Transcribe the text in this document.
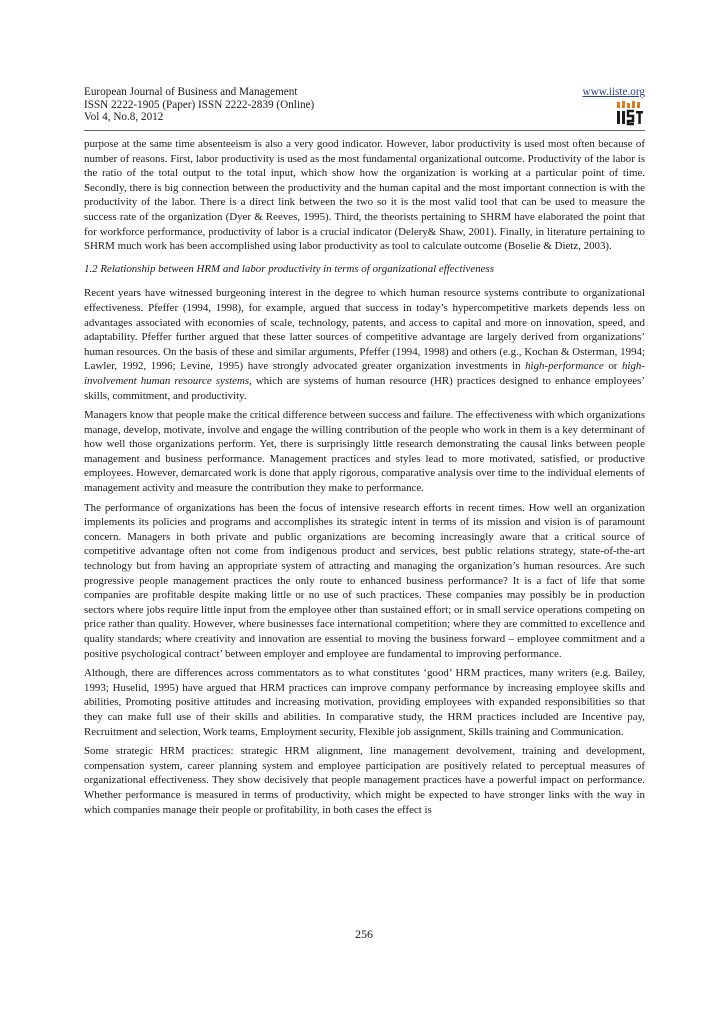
European Journal of Business and Management
ISSN 2222-1905 (Paper) ISSN 2222-2839 (Online)
Vol 4, No.8, 2012
www.iiste.org

purpose at the same time absenteeism is also a very good indicator. However, labor productivity is used most often because of number of reasons. First, labor productivity is used as the most fundamental organizational outcome. Productivity of the labor is the ratio of the total output to the total input, which show how the organization is working at a particular point of time. Secondly, there is big connection between the productivity and the human capital and the most important connection is with the productivity of the labor. There is a direct link between the two so it is the most valid tool that can be used to measure the success rate of the organization (Dyer & Reeves, 1995). Third, the theorists pertaining to SHRM have elaborated the point that for workforce performance, productivity of labor is a crucial indicator (Delery& Shaw, 2001). Finally, in literature pertaining to SHRM much work has been accomplished using labor productivity as tool to calculate outcome (Boselie & Dietz, 2003).

1.2 Relationship between HRM and labor productivity in terms of organizational effectiveness

Recent years have witnessed burgeoning interest in the degree to which human resource systems contribute to organizational effectiveness. Pfeffer (1994, 1998), for example, argued that success in today’s hypercompetitive markets depends less on advantages associated with economies of scale, technology, patents, and access to capital and more on innovation, speed, and adaptability. Pfeffer further argued that these latter sources of competitive advantage are largely derived from organizations’ human resources. On the basis of these and similar arguments, Pfeffer (1994, 1998) and others (e.g., Kochan & Osterman, 1994; Lawler, 1992, 1996; Levine, 1995) have strongly advocated greater organization investments in high-performance or high-involvement human resource systems, which are systems of human resource (HR) practices designed to enhance employees’ skills, commitment, and productivity.

Managers know that people make the critical difference between success and failure. The effectiveness with which organizations manage, develop, motivate, involve and engage the willing contribution of the people who work in them is a key determinant of how well those organizations perform. Yet, there is surprisingly little research demonstrating the causal links between people management and business performance. Management practices and styles lead to more motivated, satisfied, or productive employees. However, demarcated work is done that apply rigorous, comparative analysis over time to the individual elements of management activity and measure the contribution they make to performance.

The performance of organizations has been the focus of intensive research efforts in recent times. How well an organization implements its policies and programs and accomplishes its strategic intent in terms of its mission and vision is of paramount concern. Managers in both private and public organizations are becoming increasingly aware that a critical source of competitive advantage often not come from indigenous product and services, best public relations strategy, state-of-the-art technology but from having an appropriate system of attracting and managing the organization’s human resources. Are such progressive people management practices the only route to enhanced business performance? It is a fact of life that some companies are profitable despite making little or no use of such practices. These companies may possibly be in production sectors where jobs require little input from the employee other than sustained effort; or in small service operations competing on price rather than quality. However, where businesses face international competition; where they are committed to excellence and quality standards; where creativity and innovation are essential to moving the business forward – employee commitment and a positive psychological contract’ between employer and employee are fundamental to improving performance.

Although, there are differences across commentators as to what constitutes ‘good’ HRM practices, many writers (e.g. Bailey, 1993; Huselid, 1995) have argued that HRM practices can improve company performance by increasing employee skills and abilities, Promoting positive attitudes and increasing motivation, providing employees with expanded responsibilities so that they can make full use of their skills and abilities. In comparative study, the HRM practices included are Incentive pay, Recruitment and selection, Work teams, Employment security, Flexible job assignment, Skills training and Communication.

Some strategic HRM practices: strategic HRM alignment, line management devolvement, training and development, compensation system, career planning system and employee participation are positively related to perceptual measures of organizational effectiveness. They show decisively that people management practices have a powerful impact on performance. Whether performance is measured in terms of productivity, which might be expected to have stronger links with the way in which companies manage their people or profitability, in both cases the effect is

256
